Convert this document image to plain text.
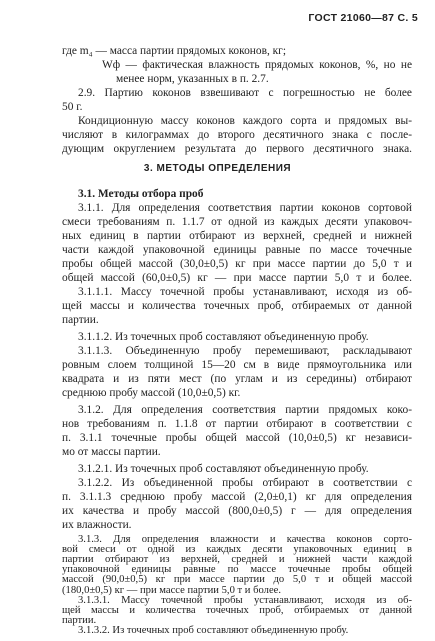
ГОСТ 21060—87 С. 5
где m₄ — масса партии прядомых коконов, кг;
Wф — фактическая влажность прядомых коконов, %, но не
менее норм, указанных в п. 2.7.
2.9. Партию коконов взвешивают с погрешностью не более
50 г.
Кондиционную массу коконов каждого сорта и прядомых вы-
числяют в килограммах до второго десятичного знака с после-
дующим округлением результата до первого десятичного знака.
3. МЕТОДЫ ОПРЕДЕЛЕНИЯ
3.1. Методы отбора проб
3.1.1. Для определения соответствия партии коконов сортовой
смеси требованиям п. 1.1.7 от одной из каждых десяти упаковоч-
ных единиц в партии отбирают из верхней, средней и нижней
части каждой упаковочной единицы равные по массе точечные
пробы общей массой (30,0±0,5) кг при массе партии до 5,0 т и
общей массой (60,0±0,5) кг — при массе партии 5,0 т и более.
3.1.1.1. Массу точечной пробы устанавливают, исходя из об-
щей массы и количества точечных проб, отбираемых от данной
партии.
3.1.1.2. Из точечных проб составляют объединенную пробу.
3.1.1.3. Объединенную пробу перемешивают, раскладывают
ровным слоем толщиной 15—20 см в виде прямоугольника или
квадрата и из пяти мест (по углам и из середины) отбирают
среднюю пробу массой (10,0±0,5) кг.
3.1.2. Для определения соответствия партии прядомых коко-
нов требованиям п. 1.1.8 от партии отбирают в соответствии с
п. 3.1.1 точечные пробы общей массой (10,0±0,5) кг независи-
мо от массы партии.
3.1.2.1. Из точечных проб составляют объединенную пробу.
3.1.2.2. Из объединенной пробы отбирают в соответствии с
п. 3.1.1.3 среднюю пробу массой (2,0±0,1) кг для определения
их качества и пробу массой (800,0±0,5) г — для определения
их влажности.
3.1.3. Для определения влажности и качества коконов сорто-
вой смеси от одной из каждых десяти упаковочных единиц в
партии отбирают из верхней, средней и нижней части каждой
упаковочной единицы равные по массе точечные пробы общей
массой (90,0±0,5) кг при массе партии до 5,0 т и общей массой
(180,0±0,5) кг — при массе партии 5,0 т и более.
3.1.3.1. Массу точечной пробы устанавливают, исходя из об-
щей массы и количества точечных проб, отбираемых от данной
партии.
3.1.3.2. Из точечных проб составляют объединенную пробу.
